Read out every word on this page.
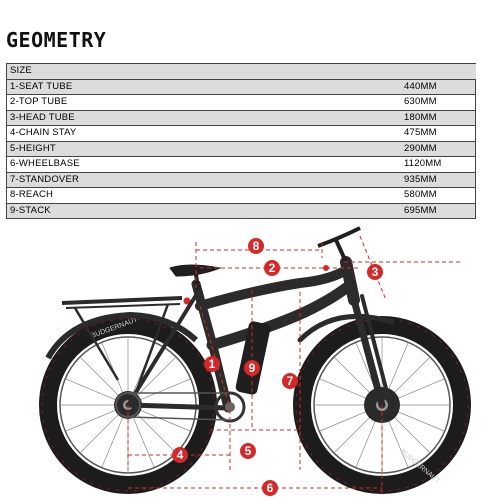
GEOMETRY
SIZE	
1-SEAT TUBE	440MM
2-TOP TUBE	630MM
3-HEAD TUBE	180MM
4-CHAIN STAY	475MM
5-HEIGHT	290MM
6-WHEELBASE	1120MM
7-STANDOVER	935MM
8-REACH	580MM
9-STACK	695MM
BUDGERNAUT
BUDGERNAUT
1
2	3
4	5
6
7
8
9
